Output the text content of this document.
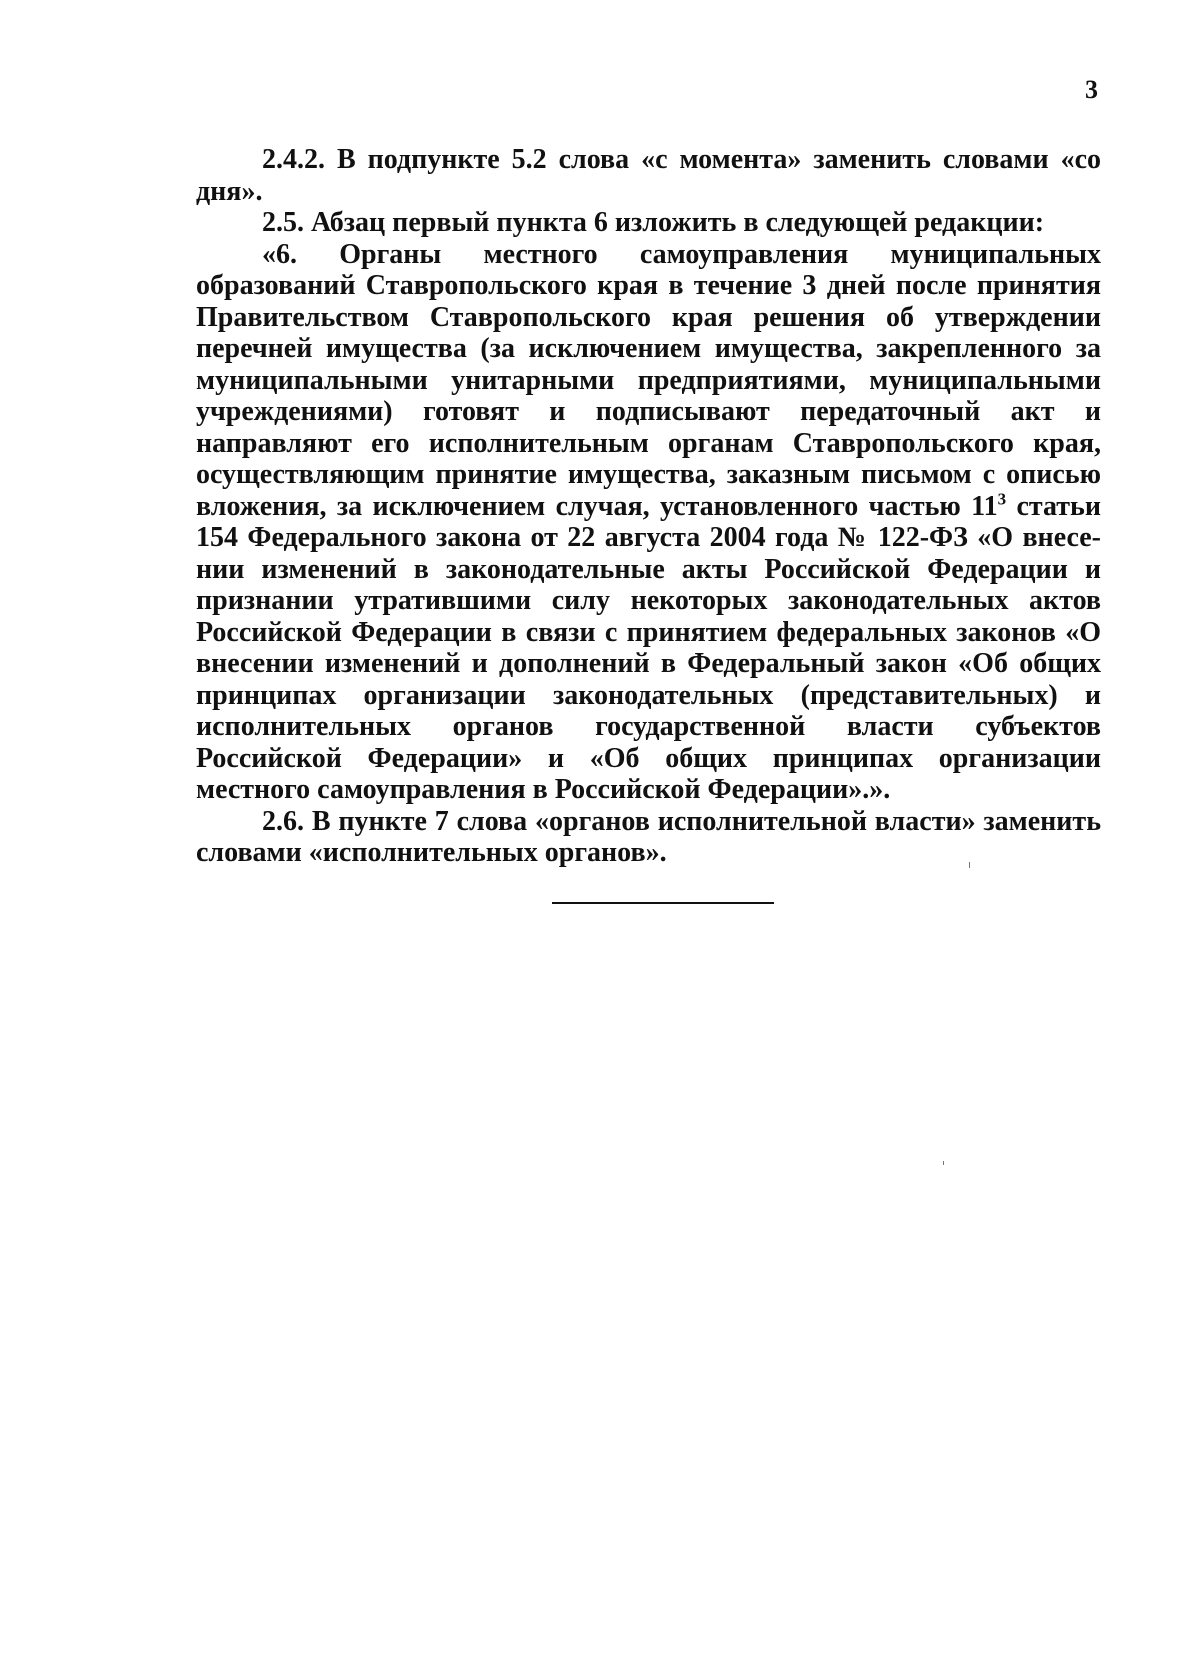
3

2.4.2. В подпункте 5.2 слова «с момента» заменить словами «со дня».

2.5. Абзац первый пункта 6 изложить в следующей редакции:

«6. Органы местного самоуправления муниципальных образований Ставропольского края в течение 3 дней после принятия Правительством Ставропольского края решения об утверждении перечней имущества (за исключением имущества, закрепленного за муниципальными унитарными предприятиями, муниципальными учреждениями) готовят и подписывают передаточный акт и направляют его исполнительным органам Ставропольского края, осуществляющим принятие имущества, заказным письмом с описью вложения, за исключением случая, установленного частью $11^3$ статьи 154 Федерального закона от 22 августа 2004 года № 122-ФЗ «О внесении изменений в законодательные акты Российской Федерации и признании утратившими силу некоторых законодательных актов Российской Федерации в связи с принятием федеральных законов «О внесении изменений и дополнений в Федеральный закон «Об общих принципах организации законодательных (представительных) и исполнительных органов государственной власти субъектов Российской Федерации» и «Об общих принципах организации местного самоуправления в Российской Федерации».».

2.6. В пункте 7 слова «органов исполнительной власти» заменить словами «исполнительных органов».
